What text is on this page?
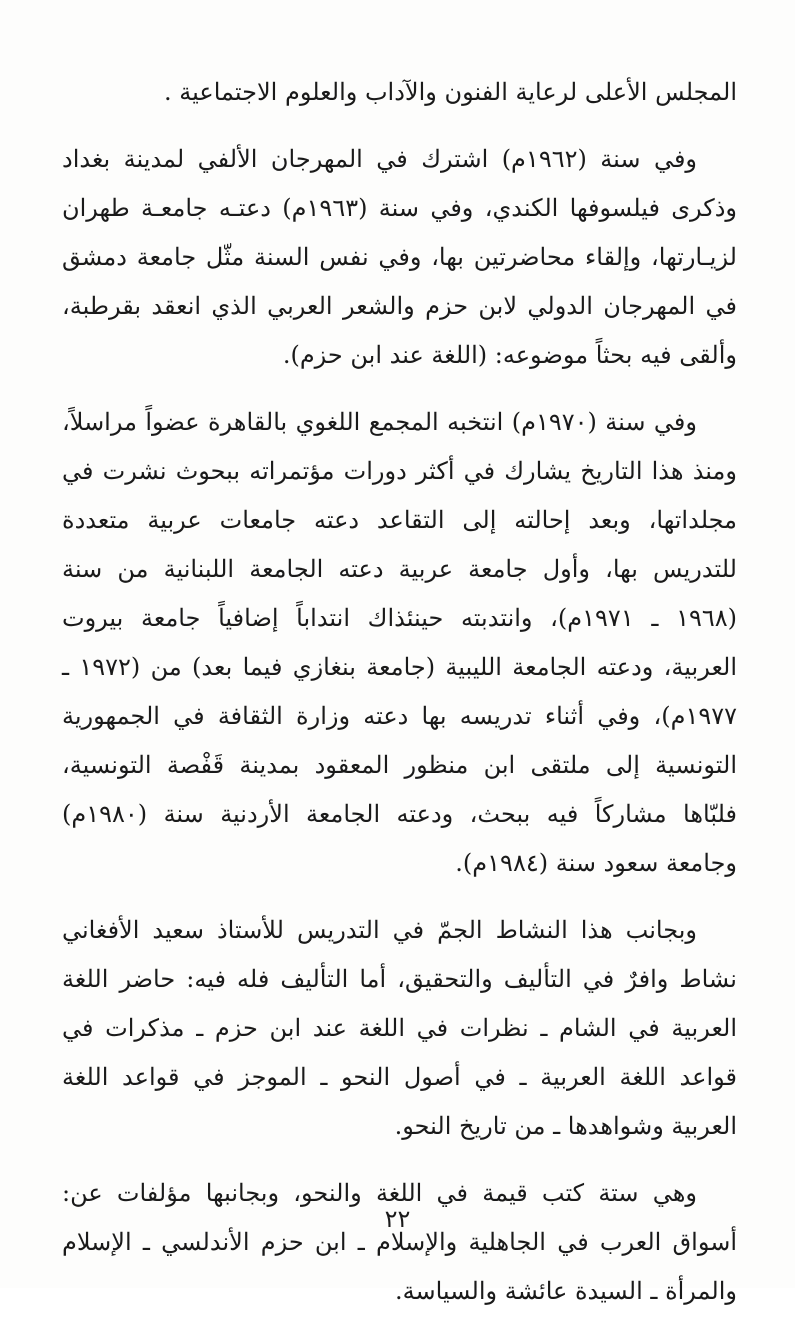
المجلس الأعلى لرعاية الفنون والآداب والعلوم الاجتماعية .

وفي سنة (١٩٦٢م) اشترك في المهرجان الألفي لمدينة بغداد وذكرى فيلسوفها الكندي، وفي سنة (١٩٦٣م) دعتـه جامعـة طهران لزيـارتها، وإلقاء محاضرتين بها، وفي نفس السنة مثّل جامعة دمشق في المهرجان الدولي لابن حزم والشعر العربي الذي انعقد بقرطبة، وألقى فيه بحثاً موضوعه: (اللغة عند ابن حزم).

وفي سنة (١٩٧٠م) انتخبه المجمع اللغوي بالقاهرة عضواً مراسلاً، ومنذ هذا التاريخ يشارك في أكثر دورات مؤتمراته ببحوث نشرت في مجلداتها، وبعد إحالته إلى التقاعد دعته جامعات عربية متعددة للتدريس بها، وأول جامعة عربية دعته الجامعة اللبنانية من سنة (١٩٦٨ ـ ١٩٧١م)، وانتدبته حينئذاك انتداباً إضافياً جامعة بيروت العربية، ودعته الجامعة الليبية (جامعة بنغازي فيما بعد) من (١٩٧٢ ـ ١٩٧٧م)، وفي أثناء تدريسه بها دعته وزارة الثقافة في الجمهورية التونسية إلى ملتقى ابن منظور المعقود بمدينة قَفْصة التونسية، فلبّاها مشاركاً فيه ببحث، ودعته الجامعة الأردنية سنة (١٩٨٠م) وجامعة سعود سنة (١٩٨٤م).

وبجانب هذا النشاط الجمّ في التدريس للأستاذ سعيد الأفغاني نشاط وافرٌ في التأليف والتحقيق، أما التأليف فله فيه: حاضر اللغة العربية في الشام ـ نظرات في اللغة عند ابن حزم ـ مذكرات في قواعد اللغة العربية ـ في أصول النحو ـ الموجز في قواعد اللغة العربية وشواهدها ـ من تاريخ النحو.

وهي ستة كتب قيمة في اللغة والنحو، وبجانبها مؤلفات عن: أسواق العرب في الجاهلية والإسلام ـ ابن حزم الأندلسي ـ الإسلام والمرأة ـ السيدة عائشة والسياسة.

٢٢
